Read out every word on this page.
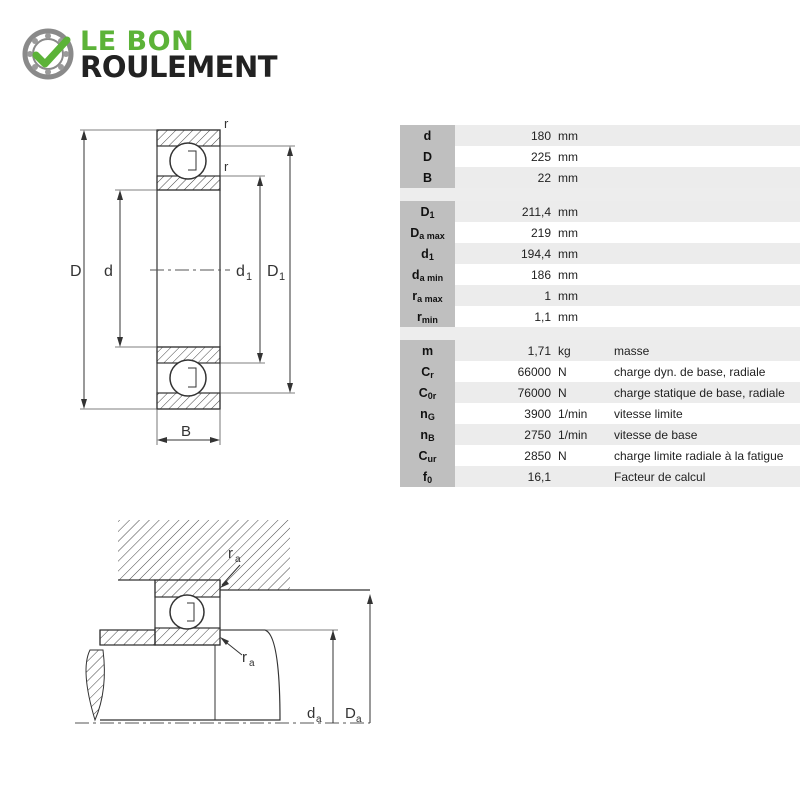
LE BON
ROULEMENT
D d	d 1 D 1
B
r
r
d	180 mm
D	225 mm
B	22 mm
$D_1$	211,4 mm
$D_{a max}$	219 mm
$d_1$	194,4 mm
$d_{a min}$	186 mm
$r_{a max}$	1 mm
$r_{min}$	1,1 mm
m	1,71 kg	masse
$C_r$	66000 N	charge dyn. de base, radiale
$C_{0r}$	76000 N	charge statique de base, radiale
$n_G$	3900 1/min	vitesse limite
$n_B$	2750 1/min	vitesse de base
$C_{ur}$	2850 N	charge limite radiale à la fatigue
$f_0$	16,1	Facteur de calcul
r a
r a
d a D a
